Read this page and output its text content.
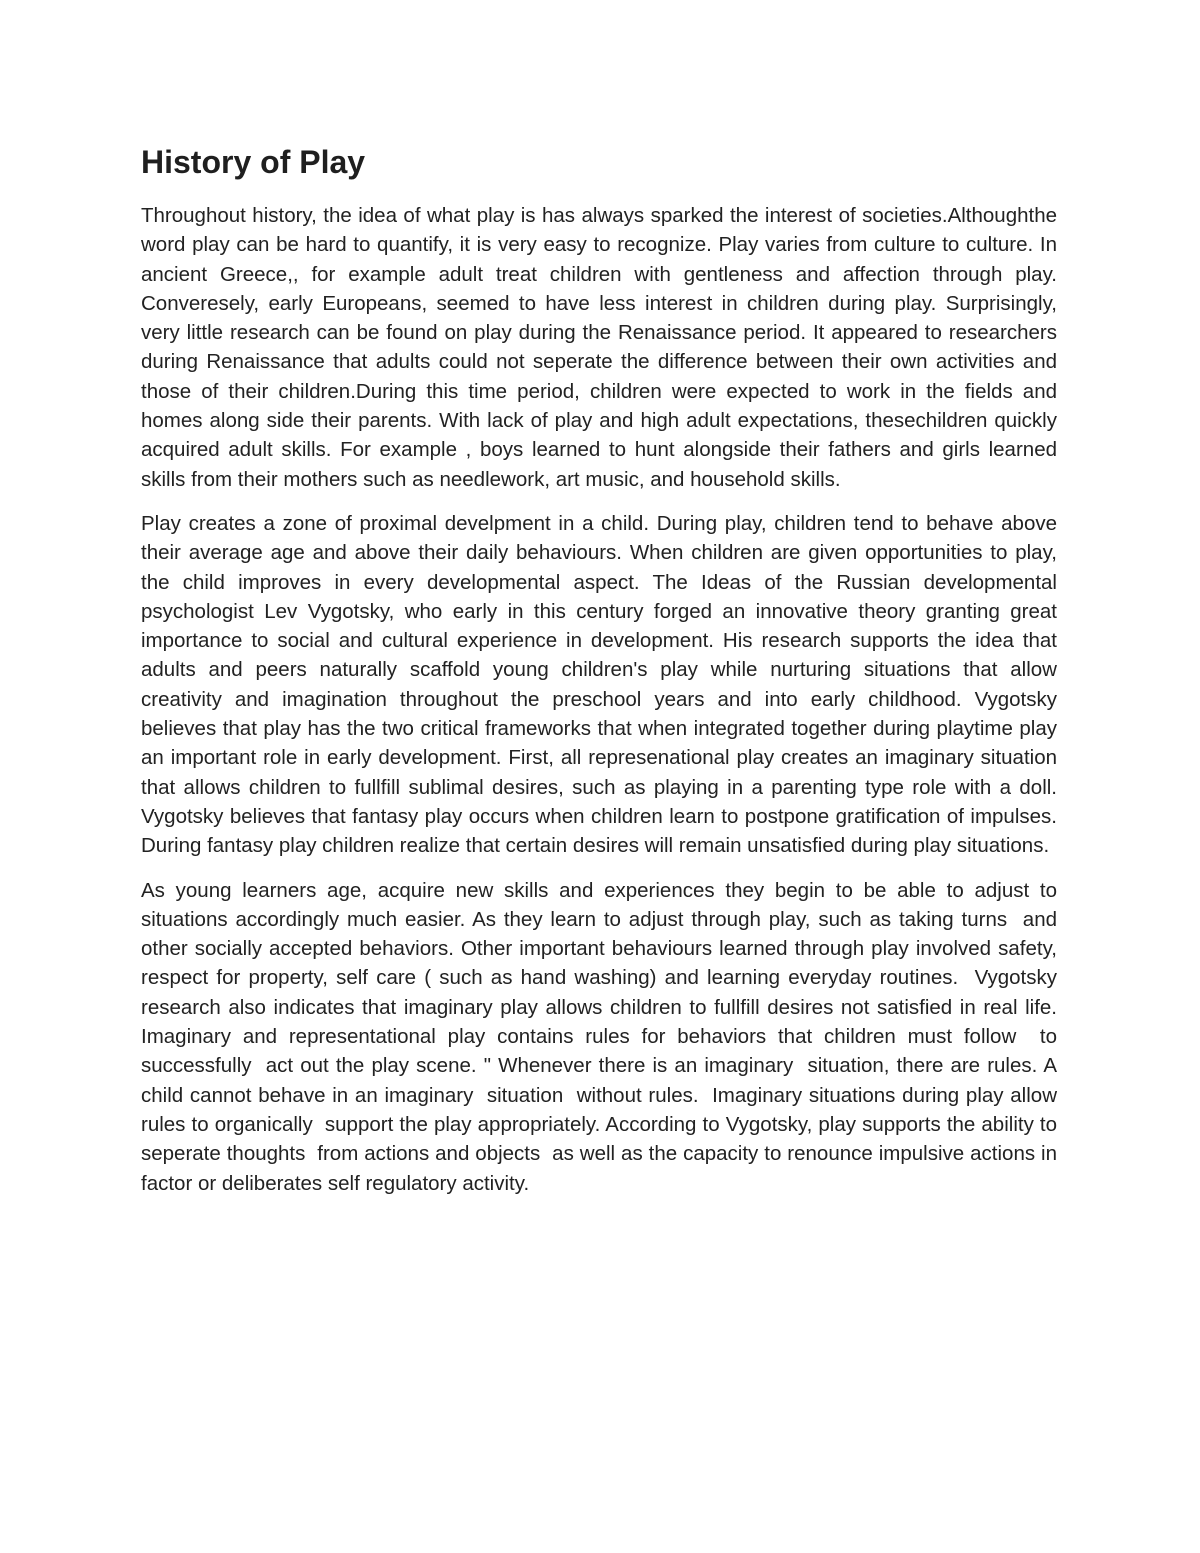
History of Play

Throughout history, the idea of what play is has always sparked the interest of societies.Althoughthe word play can be hard to quantify, it is very easy to recognize. Play varies from culture to culture. In ancient Greece,, for example adult treat children with gentleness and affection through play. Converesely, early Europeans, seemed to have less interest in children during play. Surprisingly, very little research can be found on play during the Renaissance period. It appeared to researchers during Renaissance that adults could not seperate the difference between their own activities and those of their children.During this time period, children were expected to work in the fields and homes along side their parents. With lack of play and high adult expectations, thesechildren quickly acquired adult skills. For example , boys learned to hunt alongside their fathers and girls learned skills from their mothers such as needlework, art music, and household skills.

Play creates a zone of proximal develpment in a child. During play, children tend to behave above their average age and above their daily behaviours. When children are given opportunities to play, the child improves in every developmental aspect. The Ideas of the Russian developmental psychologist Lev Vygotsky, who early in this century forged an innovative theory granting great importance to social and cultural experience in development. His research supports the idea that adults and peers naturally scaffold young children's play while nurturing situations that allow creativity and imagination throughout the preschool years and into early childhood. Vygotsky believes that play has the two critical frameworks that when integrated together during playtime play an important role in early development. First, all represenational play creates an imaginary situation that allows children to fullfill sublimal desires, such as playing in a parenting type role with a doll. Vygotsky believes that fantasy play occurs when children learn to postpone gratification of impulses. During fantasy play children realize that certain desires will remain unsatisfied during play situations.

As young learners age, acquire new skills and experiences they begin to be able to adjust to situations accordingly much easier. As they learn to adjust through play, such as taking turns  and other socially accepted behaviors. Other important behaviours learned through play involved safety, respect for property, self care ( such as hand washing) and learning everyday routines.  Vygotsky research also indicates that imaginary play allows children to fullfill desires not satisfied in real life. Imaginary and representational play contains rules for behaviors that children must follow  to successfully  act out the play scene. " Whenever there is an imaginary  situation, there are rules. A child cannot behave in an imaginary  situation  without rules.  Imaginary situations during play allow rules to organically  support the play appropriately. According to Vygotsky, play supports the ability to seperate thoughts  from actions and objects  as well as the capacity to renounce impulsive actions in factor or deliberates self regulatory activity.
